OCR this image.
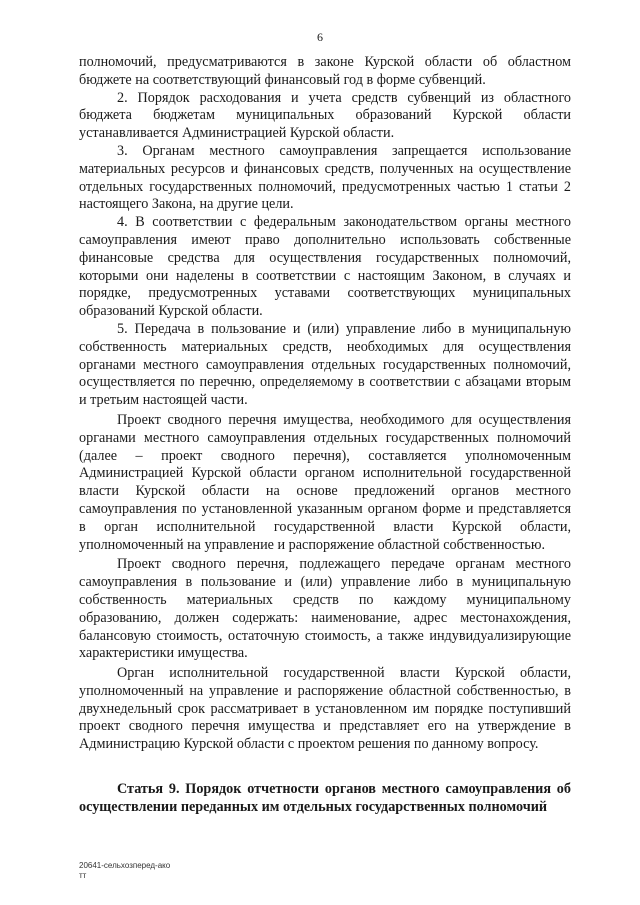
6

полномочий, предусматриваются в законе Курской области об областном бюджете на соответствующий финансовый год в форме субвенций.

2. Порядок расходования и учета средств субвенций из областного бюджета бюджетам муниципальных образований Курской области устанавливается Администрацией Курской области.

3. Органам местного самоуправления запрещается использование материальных ресурсов и финансовых средств, полученных на осуществление отдельных государственных полномочий, предусмотренных частью 1 статьи 2 настоящего Закона, на другие цели.

4. В соответствии с федеральным законодательством органы местного самоуправления имеют право дополнительно использовать собственные финансовые средства для осуществления государственных полномочий, которыми они наделены в соответствии с настоящим Законом, в случаях и порядке, предусмотренных уставами соответствующих муниципальных образований Курской области.

5. Передача в пользование и (или) управление либо в муниципальную собственность материальных средств, необходимых для осуществления органами местного самоуправления отдельных государственных полномочий, осуществляется по перечню, определяемому в соответствии с абзацами вторым и третьим настоящей части.

Проект сводного перечня имущества, необходимого для осуществления органами местного самоуправления отдельных государственных полномочий (далее – проект сводного перечня), составляется уполномоченным Администрацией Курской области органом исполнительной государственной власти Курской области на основе предложений органов местного самоуправления по установленной указанным органом форме и представляется в орган исполнительной государственной власти Курской области, уполномоченный на управление и распоряжение областной собственностью.

Проект сводного перечня, подлежащего передаче органам местного самоуправления в пользование и (или) управление либо в муниципальную собственность материальных средств по каждому муниципальному образованию, должен содержать: наименование, адрес местонахождения, балансовую стоимость, остаточную стоимость, а также индувидуализирующие характеристики имущества.

Орган исполнительной государственной власти Курской области, уполномоченный на управление и распоряжение областной собственностью, в двухнедельный срок рассматривает в установленном им порядке поступивший проект сводного перечня имущества и представляет его на утверждение в Администрацию Курской области с проектом решения по данному вопросу.

Статья 9. Порядок отчетности органов местного самоуправления об осуществлении переданных им отдельных государственных полномочий

20641-сельхозперед-ако
тт
